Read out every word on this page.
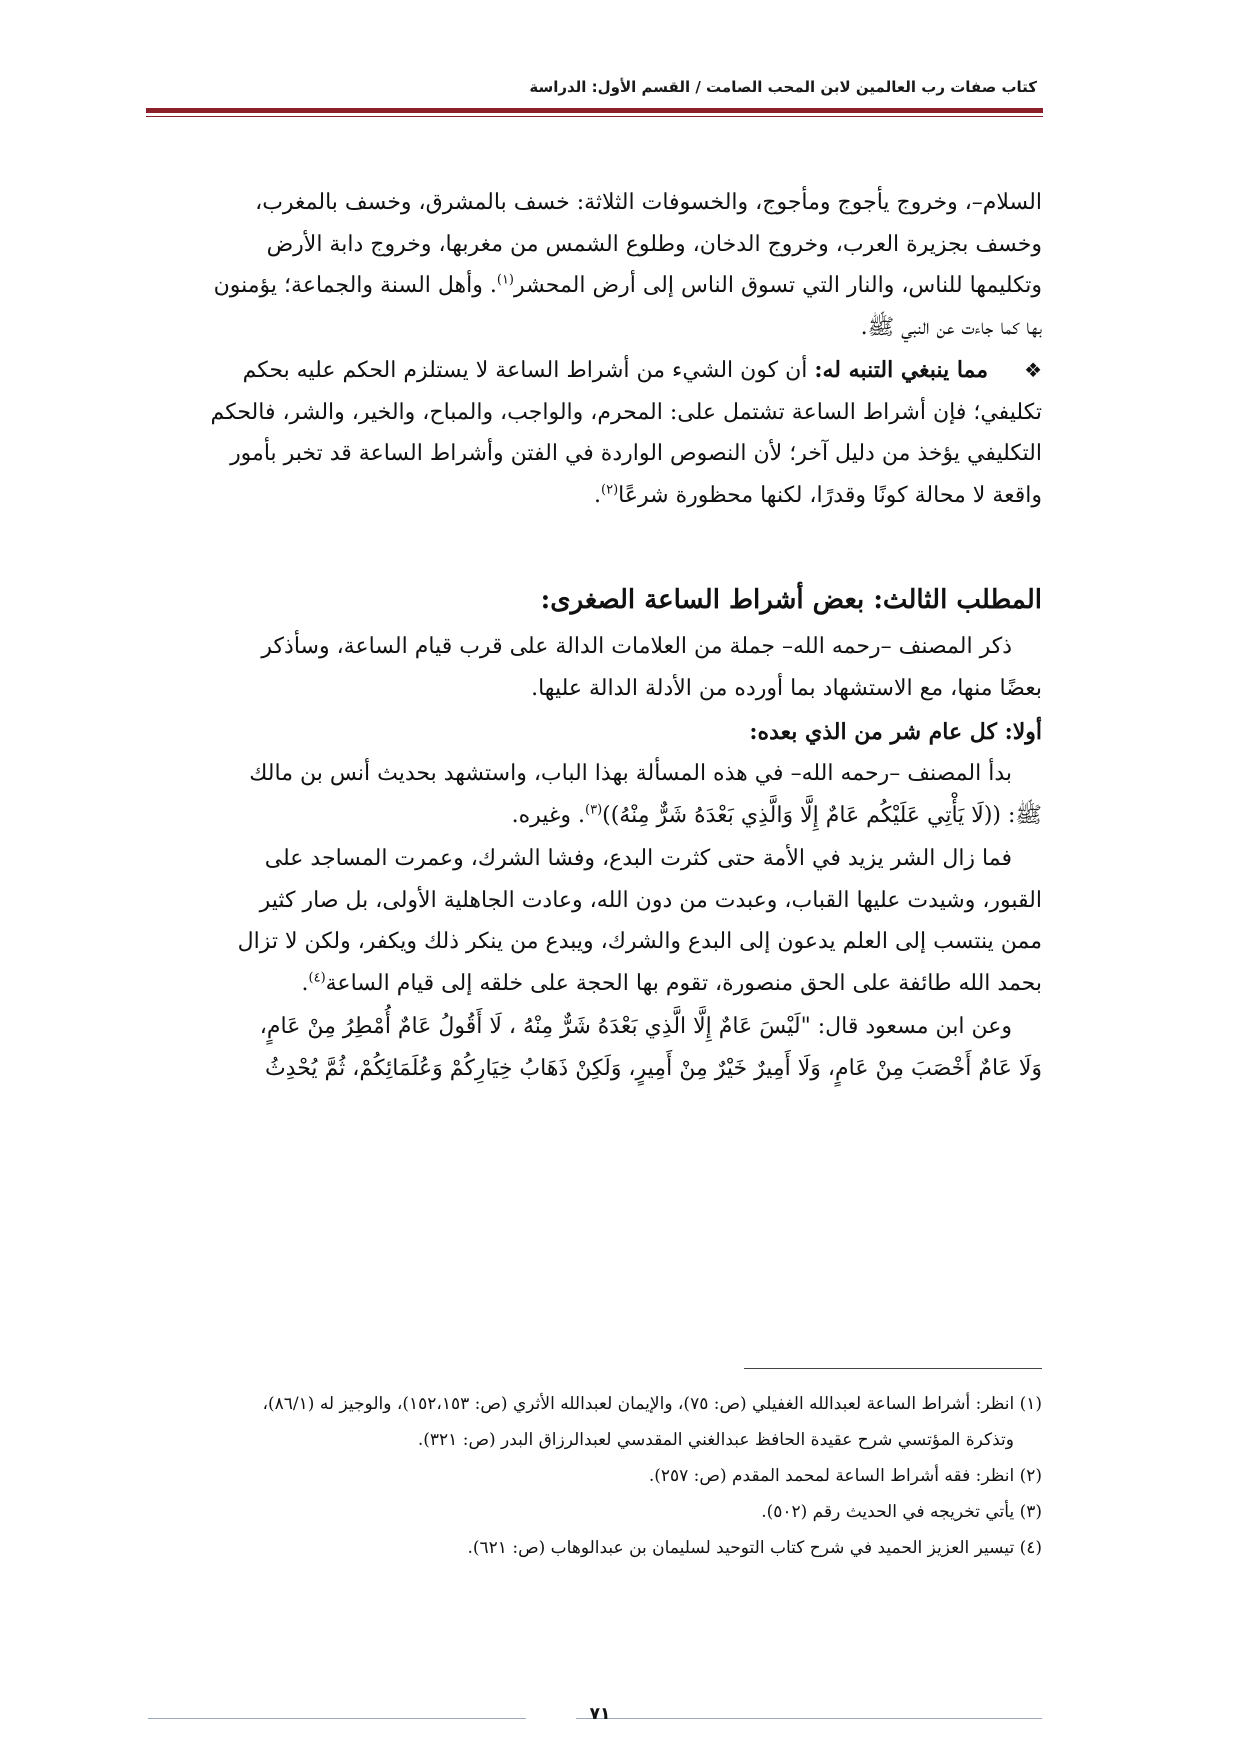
كتاب صفات رب العالمين لابن المحب الصامت / القسم الأول: الدراسة

السلام–، وخروج يأجوج ومأجوج، والخسوفات الثلاثة: خسف بالمشرق، وخسف بالمغرب،

وخسف بجزيرة العرب، وخروج الدخان، وطلوع الشمس من مغربها، وخروج دابة الأرض

وتكليمها للناس، والنار التي تسوق الناس إلى أرض المحشر$^{(١)}$. وأهل السنة والجماعة؛ يؤمنون

بها كما جاءت عن النبي ﷺ.

❖مما ينبغي التنبه له: أن كون الشيء من أشراط الساعة لا يستلزم الحكم عليه بحكم

تكليفي؛ فإن أشراط الساعة تشتمل على: المحرم، والواجب، والمباح، والخير، والشر، فالحكم

التكليفي يؤخذ من دليل آخر؛ لأن النصوص الواردة في الفتن وأشراط الساعة قد تخبر بأمور

واقعة لا محالة كونًا وقدرًا، لكنها محظورة شرعًا$^{(٢)}$.

المطلب الثالث: بعض أشراط الساعة الصغرى:

ذكر المصنف –رحمه الله– جملة من العلامات الدالة على قرب قيام الساعة، وسأذكر

بعضًا منها، مع الاستشهاد بما أورده من الأدلة الدالة عليها.

أولا: كل عام شر من الذي بعده:

بدأ المصنف –رحمه الله– في هذه المسألة بهذا الباب، واستشهد بحديث أنس بن مالك

ﷺ: ((لَا يَأْتِي عَلَيْكُم عَامٌ إِلَّا وَالَّذِي بَعْدَهُ شَرٌّ مِنْهُ))$^{(٣)}$. وغيره.

فما زال الشر يزيد في الأمة حتى كثرت البدع، وفشا الشرك، وعمرت المساجد على

القبور، وشيدت عليها القباب، وعبدت من دون الله، وعادت الجاهلية الأولى، بل صار كثير

ممن ينتسب إلى العلم يدعون إلى البدع والشرك، ويبدع من ينكر ذلك ويكفر، ولكن لا تزال

بحمد الله طائفة على الحق منصورة، تقوم بها الحجة على خلقه إلى قيام الساعة$^{(٤)}$.

وعن ابن مسعود قال: "لَيْسَ عَامٌ إِلَّا الَّذِي بَعْدَهُ شَرٌّ مِنْهُ ، لَا أَقُولُ عَامٌ أُمْطِرُ مِنْ عَامٍ،

وَلَا عَامٌ أَخْصَبَ مِنْ عَامٍ، وَلَا أَمِيرٌ خَيْرٌ مِنْ أَمِيرٍ، وَلَكِنْ ذَهَابُ خِيَارِكُمْ وَعُلَمَائِكُمْ، ثُمَّ يُحْدِثُ

(١) انظر: أشراط الساعة لعبدالله الغفيلي (ص: ٧٥)، والإيمان لعبدالله الأثري (ص: ١٥٢،١٥٣)، والوجيز له (٨٦/١)،

وتذكرة المؤتسي شرح عقيدة الحافظ عبدالغني المقدسي لعبدالرزاق البدر (ص: ٣٢١).

(٢) انظر: فقه أشراط الساعة لمحمد المقدم (ص: ٢٥٧).

(٣) يأتي تخريجه في الحديث رقم (٥٠٢).

(٤) تيسير العزيز الحميد في شرح كتاب التوحيد لسليمان بن عبدالوهاب (ص: ٦٢١).

٧١
